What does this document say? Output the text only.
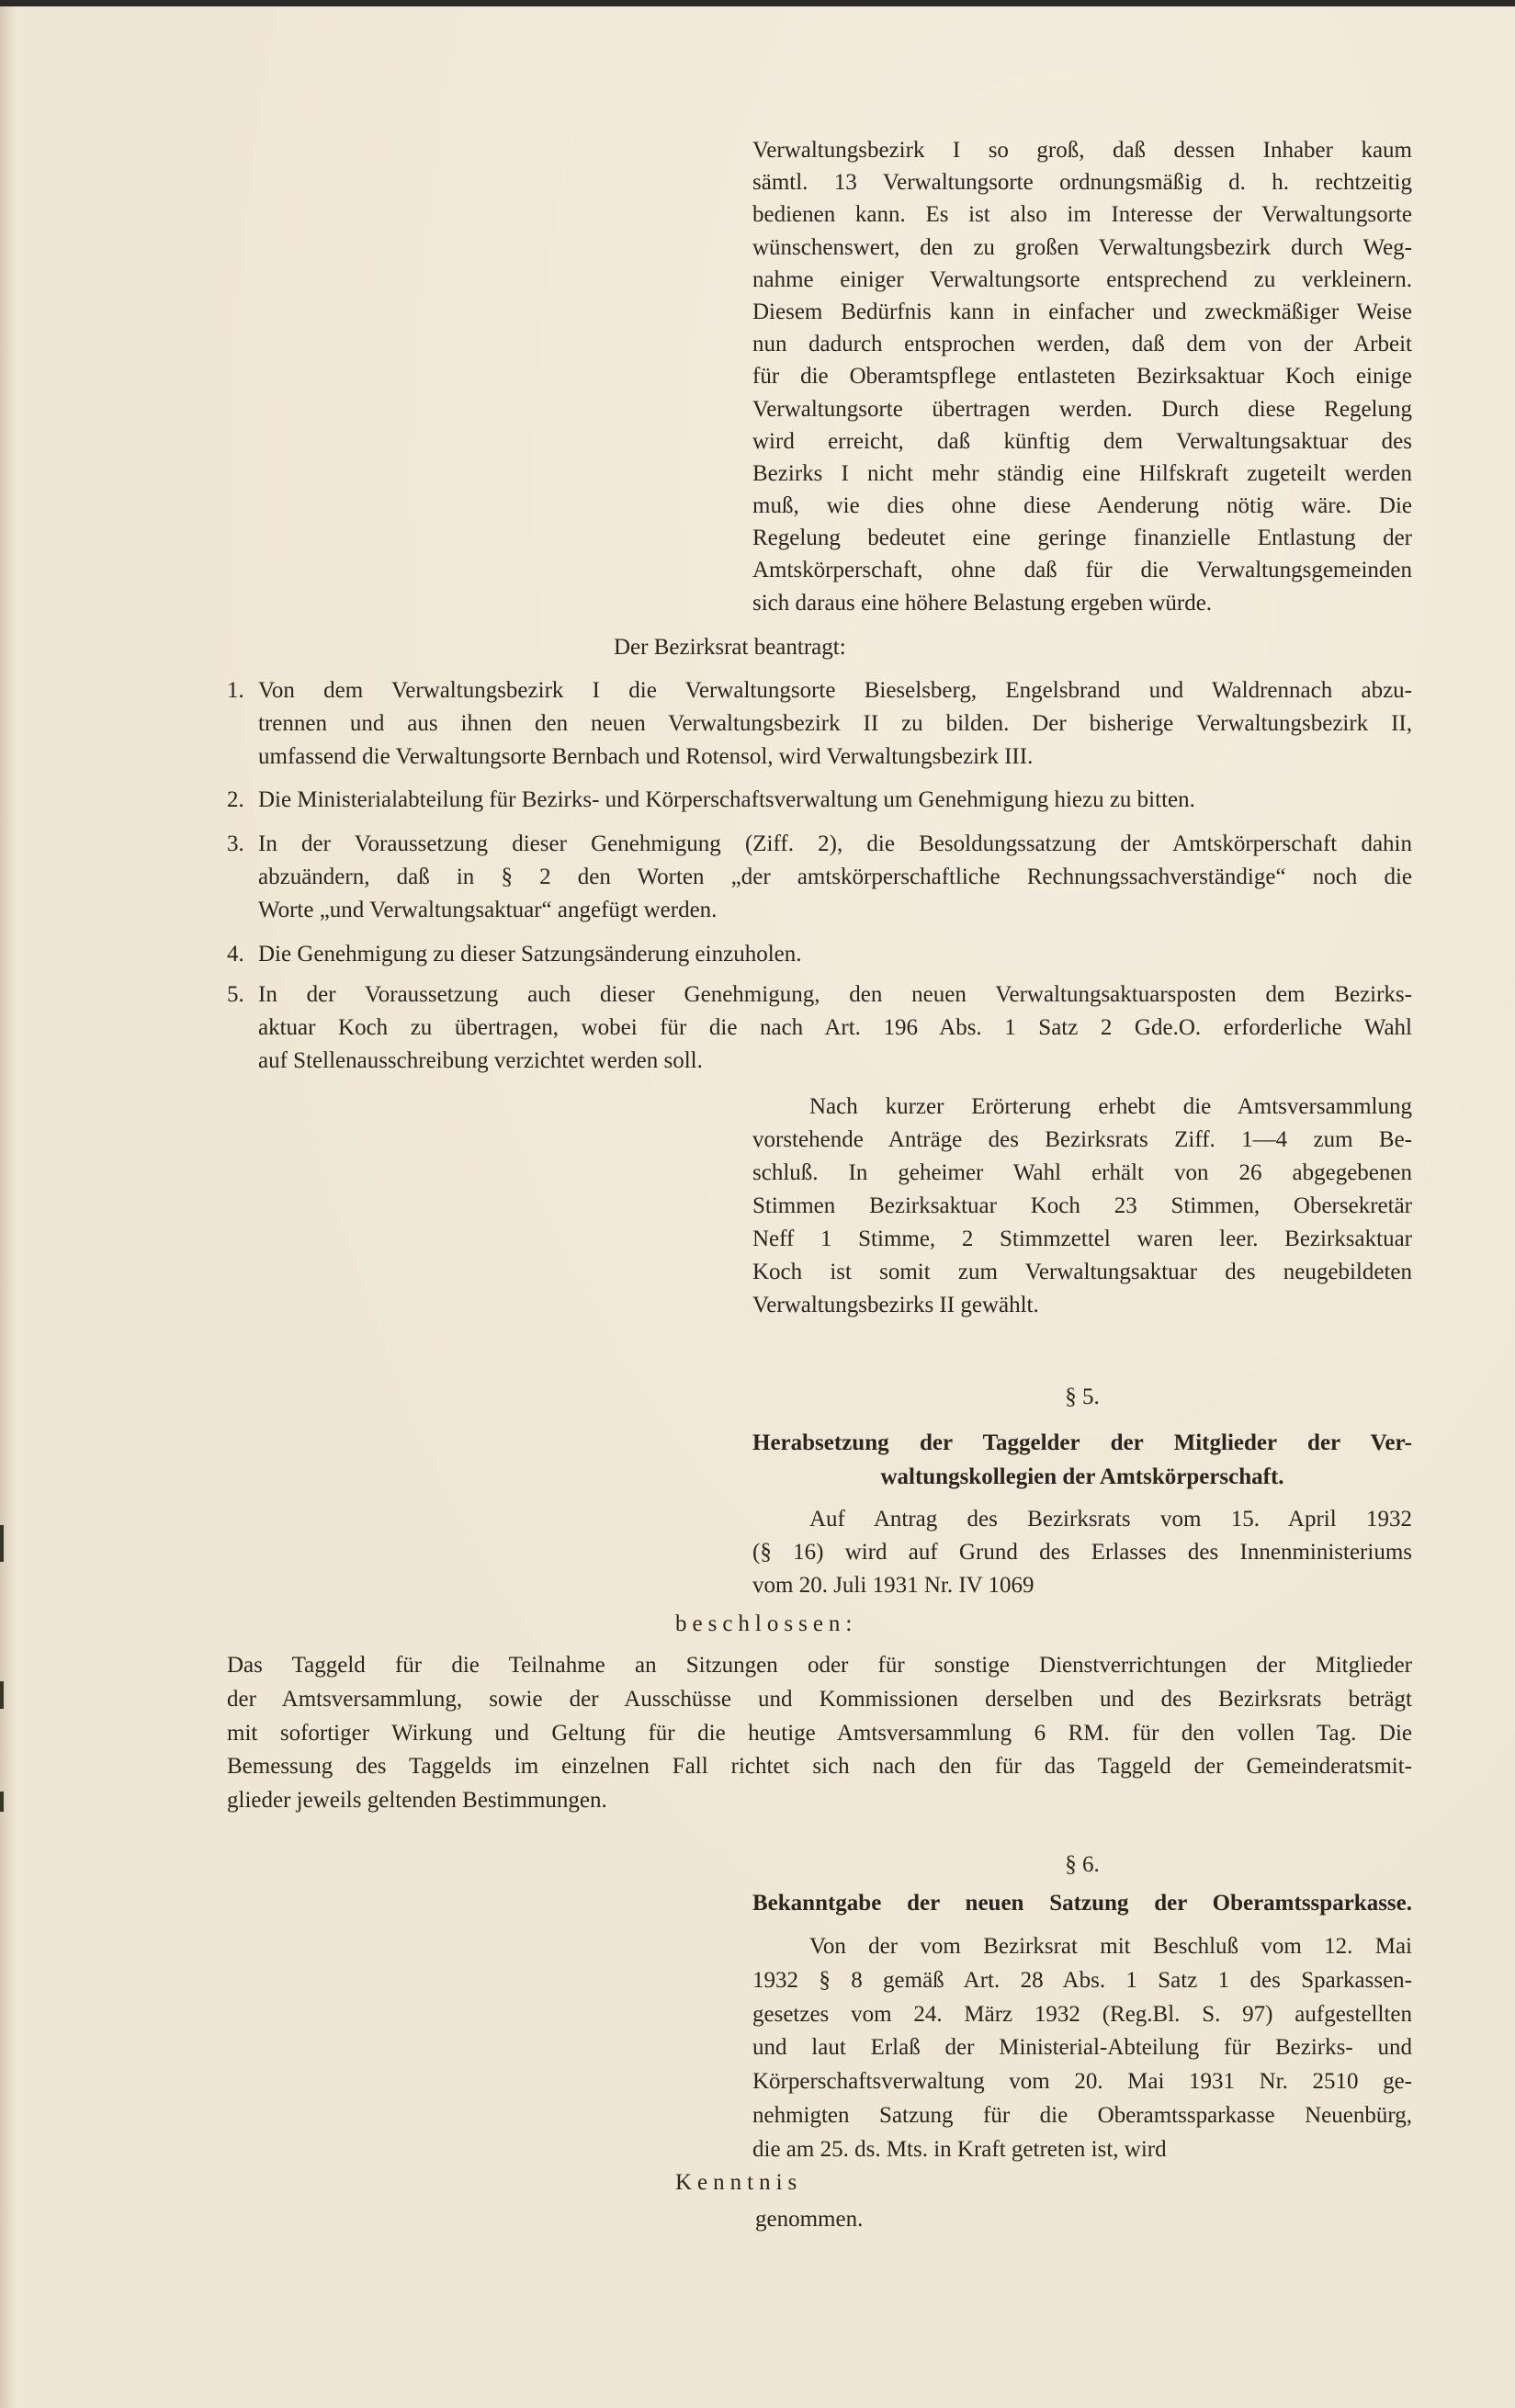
Verwaltungsbezirk I so groß, daß dessen Inhaber kaum
sämtl. 13 Verwaltungsorte ordnungsmäßig d. h. rechtzeitig
bedienen kann. Es ist also im Interesse der Verwaltungsorte
wünschenswert, den zu großen Verwaltungsbezirk durch Weg-
nahme einiger Verwaltungsorte entsprechend zu verkleinern.
Diesem Bedürfnis kann in einfacher und zweckmäßiger Weise
nun dadurch entsprochen werden, daß dem von der Arbeit
für die Oberamtspflege entlasteten Bezirksaktuar Koch einige
Verwaltungsorte übertragen werden. Durch diese Regelung
wird erreicht, daß künftig dem Verwaltungsaktuar des
Bezirks I nicht mehr ständig eine Hilfskraft zugeteilt werden
muß, wie dies ohne diese Aenderung nötig wäre. Die
Regelung bedeutet eine geringe finanzielle Entlastung der
Amtskörperschaft, ohne daß für die Verwaltungsgemeinden
sich daraus eine höhere Belastung ergeben würde.
Der Bezirksrat beantragt:
1. Von dem Verwaltungsbezirk I die Verwaltungsorte Bieselsberg, Engelsbrand und Waldrennach abzu-
trennen und aus ihnen den neuen Verwaltungsbezirk II zu bilden. Der bisherige Verwaltungsbezirk II,
umfassend die Verwaltungsorte Bernbach und Rotensol, wird Verwaltungsbezirk III.
2. Die Ministerialabteilung für Bezirks- und Körperschaftsverwaltung um Genehmigung hiezu zu bitten.
3. In der Voraussetzung dieser Genehmigung (Ziff. 2), die Besoldungssatzung der Amtskörperschaft dahin
abzuändern, daß in § 2 den Worten „der amtskörperschaftliche Rechnungssachverständige“ noch die
Worte „und Verwaltungsaktuar“ angefügt werden.
4. Die Genehmigung zu dieser Satzungsänderung einzuholen.
5. In der Voraussetzung auch dieser Genehmigung, den neuen Verwaltungsaktuarsposten dem Bezirks-
aktuar Koch zu übertragen, wobei für die nach Art. 196 Abs. 1 Satz 2 Gde.O. erforderliche Wahl
auf Stellenausschreibung verzichtet werden soll.
Nach kurzer Erörterung erhebt die Amtsversammlung
vorstehende Anträge des Bezirksrats Ziff. 1—4 zum Be-
schluß. In geheimer Wahl erhält von 26 abgegebenen
Stimmen Bezirksaktuar Koch 23 Stimmen, Obersekretär
Neff 1 Stimme, 2 Stimmzettel waren leer. Bezirksaktuar
Koch ist somit zum Verwaltungsaktuar des neugebildeten
Verwaltungsbezirks II gewählt.
§ 5.
Herabsetzung der Taggelder der Mitglieder der Ver-
waltungskollegien der Amtskörperschaft.
Auf Antrag des Bezirksrats vom 15. April 1932
(§ 16) wird auf Grund des Erlasses des Innenministeriums
vom 20. Juli 1931 Nr. IV 1069
beschlossen:
Das Taggeld für die Teilnahme an Sitzungen oder für sonstige Dienstverrichtungen der Mitglieder
der Amtsversammlung, sowie der Ausschüsse und Kommissionen derselben und des Bezirksrats beträgt
mit sofortiger Wirkung und Geltung für die heutige Amtsversammlung 6 RM. für den vollen Tag. Die
Bemessung des Taggelds im einzelnen Fall richtet sich nach den für das Taggeld der Gemeinderatsmit-
glieder jeweils geltenden Bestimmungen.
§ 6.
Bekanntgabe der neuen Satzung der Oberamtssparkasse.
Von der vom Bezirksrat mit Beschluß vom 12. Mai
1932 § 8 gemäß Art. 28 Abs. 1 Satz 1 des Sparkassen-
gesetzes vom 24. März 1932 (Reg.Bl. S. 97) aufgestellten
und laut Erlaß der Ministerial-Abteilung für Bezirks- und
Körperschaftsverwaltung vom 20. Mai 1931 Nr. 2510 ge-
nehmigten Satzung für die Oberamtssparkasse Neuenbürg,
die am 25. ds. Mts. in Kraft getreten ist, wird
Kenntnis
genommen.
